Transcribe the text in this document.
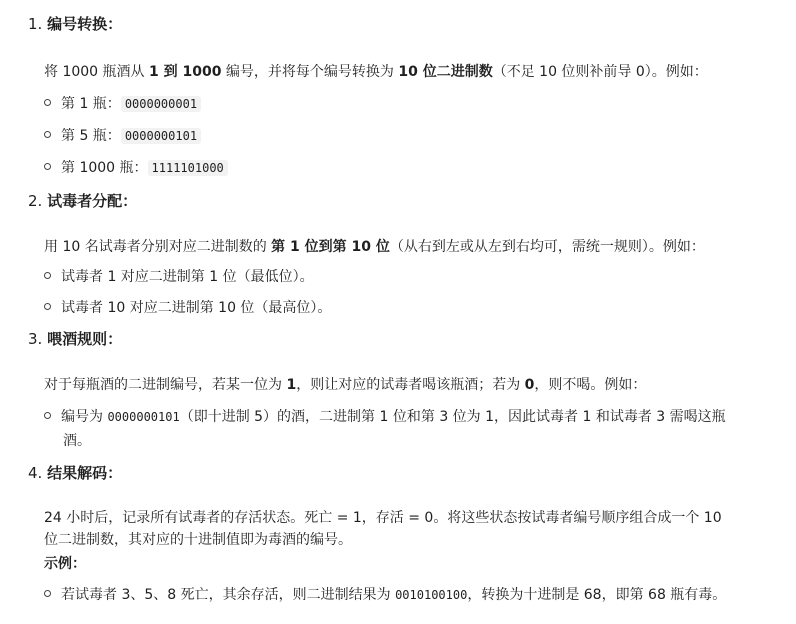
1. 编号转换：
将 1000 瓶酒从 1 到 1000 编号，并将每个编号转换为 10 位二进制数（不足 10 位则补前导 0）。例如：
第 1 瓶： 0000000001
第 5 瓶： 0000000101
第 1000 瓶： 1111101000
2. 试毒者分配：
用 10 名试毒者分别对应二进制数的 第 1 位到第 10 位（从右到左或从左到右均可，需统一规则）。例如：
试毒者 1 对应二进制第 1 位（最低位）。
试毒者 10 对应二进制第 10 位（最高位）。
3. 喂酒规则：
对于每瓶酒的二进制编号，若某一位为 1，则让对应的试毒者喝该瓶酒；若为 0，则不喝。例如：
编号为 0000000101（即十进制 5）的酒，二进制第 1 位和第 3 位为 1，因此试毒者 1 和试毒者 3 需喝这瓶
酒。
4. 结果解码：
24 小时后，记录所有试毒者的存活状态。死亡 = 1，存活 = 0。将这些状态按试毒者编号顺序组合成一个 10
位二进制数，其对应的十进制值即为毒酒的编号。
示例：
若试毒者 3、5、8 死亡，其余存活，则二进制结果为 0010100100，转换为十进制是 68，即第 68 瓶有毒。
